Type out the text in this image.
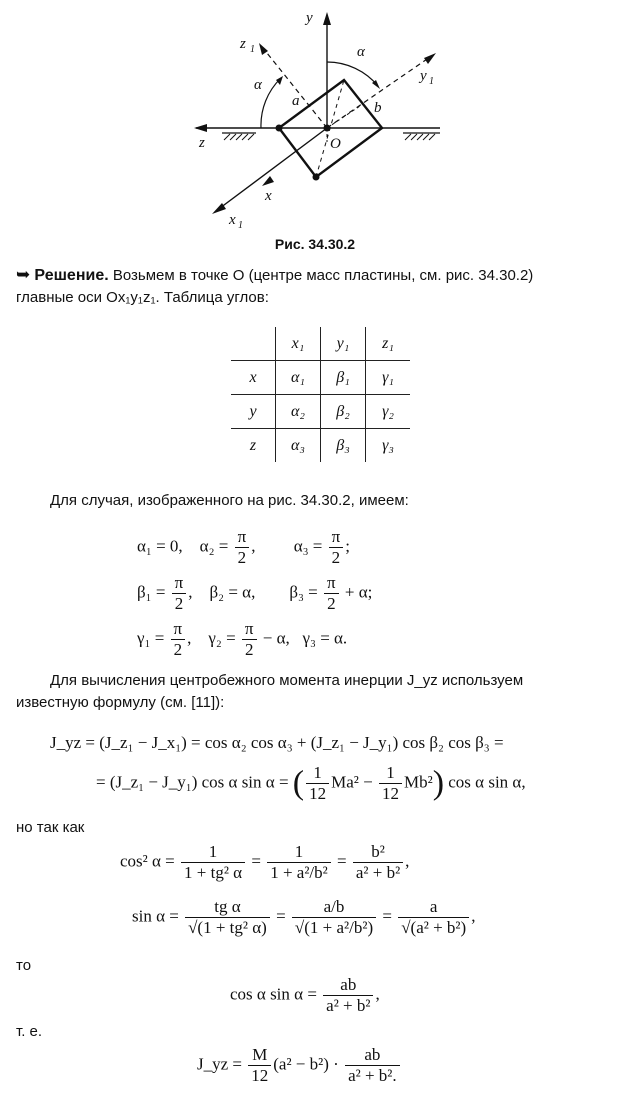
y
z 1	α
y 1
α
a	b
z	O
x
x 1
Рис. 34.30.2
➥ Решение. Возьмем в точке O (центре масс пластины, см. рис. 34.30.2)
главные оси Ox₁y₁z₁. Таблица углов:
	x₁	y₁	z₁
x	α₁	β₁	γ₁
y	α₂	β₂	γ₂
z	α₃	β₃	γ₃
Для случая, изображенного на рис. 34.30.2, имеем:
α₁ = 0, $\alpha_2 = \frac{\pi}{2}$ ,         $\alpha_3 = \frac{\pi}{2}$ ;
$\beta_1 = \frac{\pi}{2}$ ,    β₂ = α, $\beta_3 = \frac{\pi}{2} + \alpha$;
$\gamma_1 = \frac{\pi}{2}$ ,    $\gamma_2 = \frac{\pi}{2} - \alpha$, γ₃ = α.
Для вычисления центробежного момента инерции J_yz используем
известную формулу (см. [11]):
J_yz = (J_z₁ − J_x₁) = cos α₂ cos α₃ + (J_z₁ − J_y₁) cos β₂ cos β₃ =
= (J_z₁ − J_y₁) cos α sin α = ( $\frac{1}{12} Ma^2 - \frac{1}{12} Mb^2$) cos α sin α,
но так как
cos² $\alpha = \frac{1}{\text{1 + tg² α}} = \frac{1}{\text{1 + a²/b²}} = \frac{\text{b²}}{\text{a² + b²}}$ ,
$\sin \alpha = \frac{\text{tg α}}{\text{√(1 + tg² α)}} = \frac{a/b}{\text{√(1 + a²/b²)}} = \frac{a}{\text{√(a² + b²)}}$ ,
то
cos α $\sin \alpha = \frac{ab}{\text{a² + b²}}$ ,
т. е.
J_yz = $\frac{M}{12} (a^2 - b^2) \cdot \frac{ab}{\text{a² + b².}}$
